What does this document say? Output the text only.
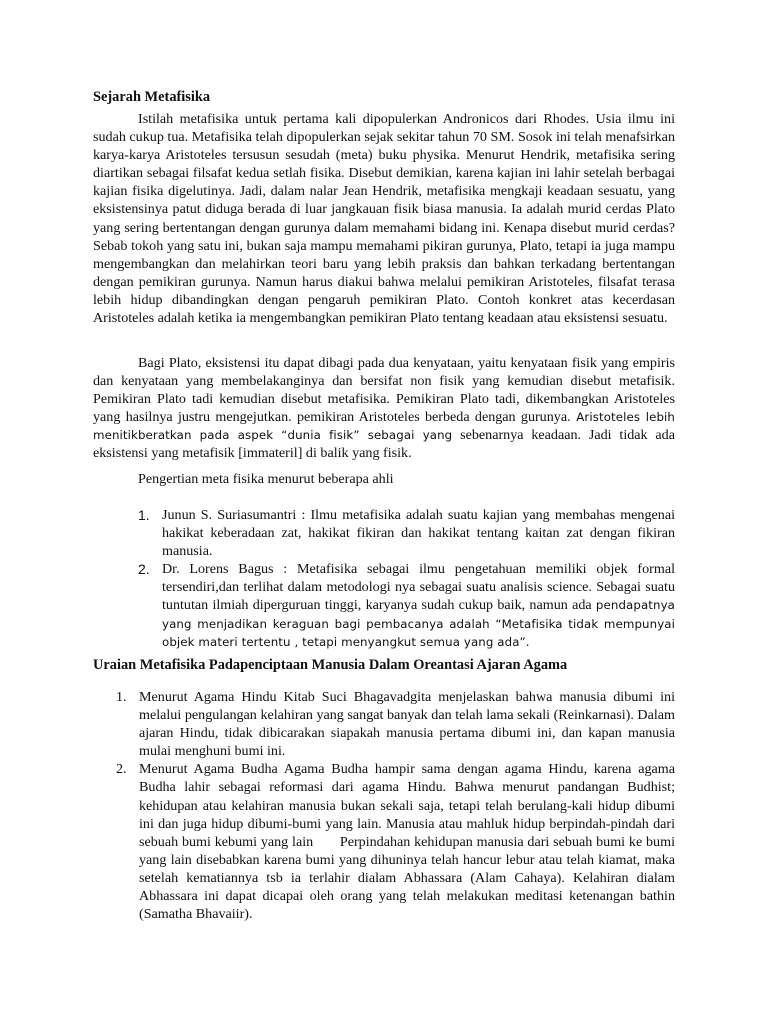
Sejarah Metafisika

Istilah metafisika untuk pertama kali dipopulerkan Andronicos dari Rhodes. Usia ilmu ini sudah cukup tua. Metafisika telah dipopulerkan sejak sekitar tahun 70 SM. Sosok ini telah menafsirkan karya-karya Aristoteles tersusun sesudah (meta) buku physika. Menurut Hendrik, metafisika sering diartikan sebagai filsafat kedua setlah fisika. Disebut demikian, karena kajian ini lahir setelah berbagai kajian fisika digelutinya. Jadi, dalam nalar Jean Hendrik, metafisika mengkaji keadaan sesuatu, yang eksistensinya patut diduga berada di luar jangkauan fisik biasa manusia. Ia adalah murid cerdas Plato yang sering bertentangan dengan gurunya dalam memahami bidang ini. Kenapa disebut murid cerdas? Sebab tokoh yang satu ini, bukan saja mampu memahami pikiran gurunya, Plato, tetapi ia juga mampu mengembangkan dan melahirkan teori baru yang lebih praksis dan bahkan terkadang bertentangan dengan pemikiran gurunya. Namun harus diakui bahwa melalui pemikiran Aristoteles, filsafat terasa lebih hidup dibandingkan dengan pengaruh pemikiran Plato. Contoh konkret atas kecerdasan Aristoteles adalah ketika ia mengembangkan pemikiran Plato tentang keadaan atau eksistensi sesuatu.

Bagi Plato, eksistensi itu dapat dibagi pada dua kenyataan, yaitu kenyataan fisik yang empiris dan kenyataan yang membelakanginya dan bersifat non fisik yang kemudian disebut metafisik. Pemikiran Plato tadi kemudian disebut metafisika. Pemikiran Plato tadi, dikembangkan Aristoteles yang hasilnya justru mengejutkan. pemikiran Aristoteles berbeda dengan gurunya. Aristoteles lebih menitikberatkan pada aspek “dunia fisik” sebagai yang sebenarnya keadaan. Jadi tidak ada eksistensi yang metafisik [immateril] di balik yang fisik.

Pengertian meta fisika menurut beberapa ahli
1. Junun S. Suriasumantri : Ilmu metafisika adalah suatu kajian yang membahas mengenai hakikat keberadaan zat, hakikat fikiran dan hakikat tentang kaitan zat dengan fikiran manusia.
2. Dr. Lorens Bagus : Metafisika sebagai ilmu pengetahuan memiliki objek formal tersendiri,dan terlihat dalam metodologi nya sebagai suatu analisis science. Sebagai suatu tuntutan ilmiah diperguruan tinggi, karyanya sudah cukup baik, namun ada pendapatnya yang menjadikan keraguan bagi pembacanya adalah “Metafisika tidak mempunyai objek materi tertentu , tetapi menyangkut semua yang ada”.
Uraian Metafisika Padapenciptaan Manusia Dalam Oreantasi Ajaran Agama
1. Menurut Agama Hindu Kitab Suci Bhagavadgita menjelaskan bahwa manusia dibumi ini melalui pengulangan kelahiran yang sangat banyak dan telah lama sekali (Reinkarnasi). Dalam ajaran Hindu, tidak dibicarakan siapakah manusia pertama dibumi ini, dan kapan manusia mulai menghuni bumi ini.
2. Menurut Agama Budha Agama Budha hampir sama dengan agama Hindu, karena agama Budha lahir sebagai reformasi dari agama Hindu. Bahwa menurut pandangan Budhist; kehidupan atau kelahiran manusia bukan sekali saja, tetapi telah berulang-kali hidup dibumi ini dan juga hidup dibumi-bumi yang lain. Manusia atau mahluk hidup berpindah-pindah dari sebuah bumi kebumi yang lain       Perpindahan kehidupan manusia dari sebuah bumi ke bumi yang lain disebabkan karena bumi yang dihuninya telah hancur lebur atau telah kiamat, maka setelah kematiannya tsb ia terlahir dialam Abhassara (Alam Cahaya). Kelahiran dialam Abhassara ini dapat dicapai oleh orang yang telah melakukan meditasi ketenangan bathin (Samatha Bhavaiir).
